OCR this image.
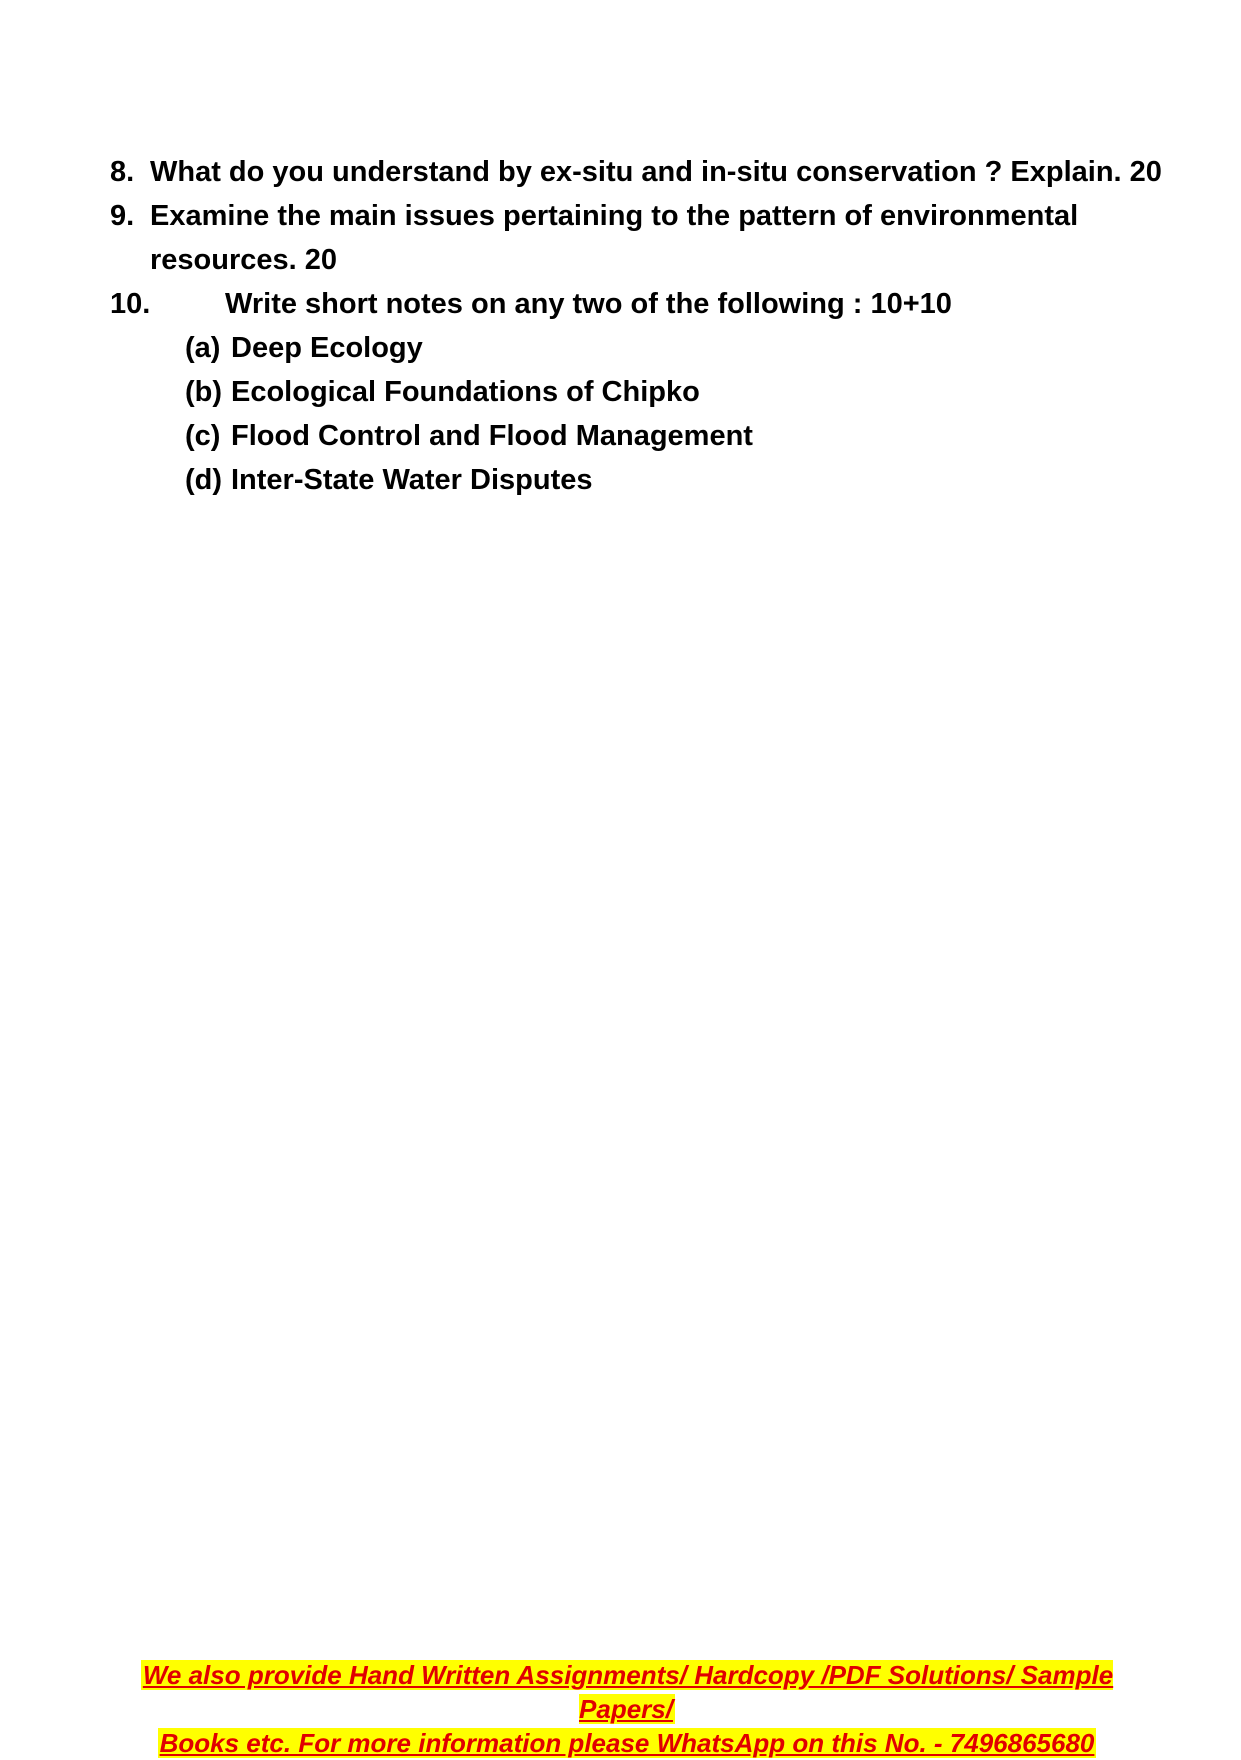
8. What do you understand by ex-situ and in-situ conservation ? Explain. 20
9. Examine the main issues pertaining to the pattern of environmental resources. 20
10.	Write short notes on any two of the following : 10+10
(a) Deep Ecology
(b) Ecological Foundations of Chipko
(c) Flood Control and Flood Management
(d) Inter-State Water Disputes
We also provide Hand Written Assignments/ Hardcopy /PDF Solutions/ Sample Papers/
Books etc. For more information please WhatsApp on this No. - 7496865680
